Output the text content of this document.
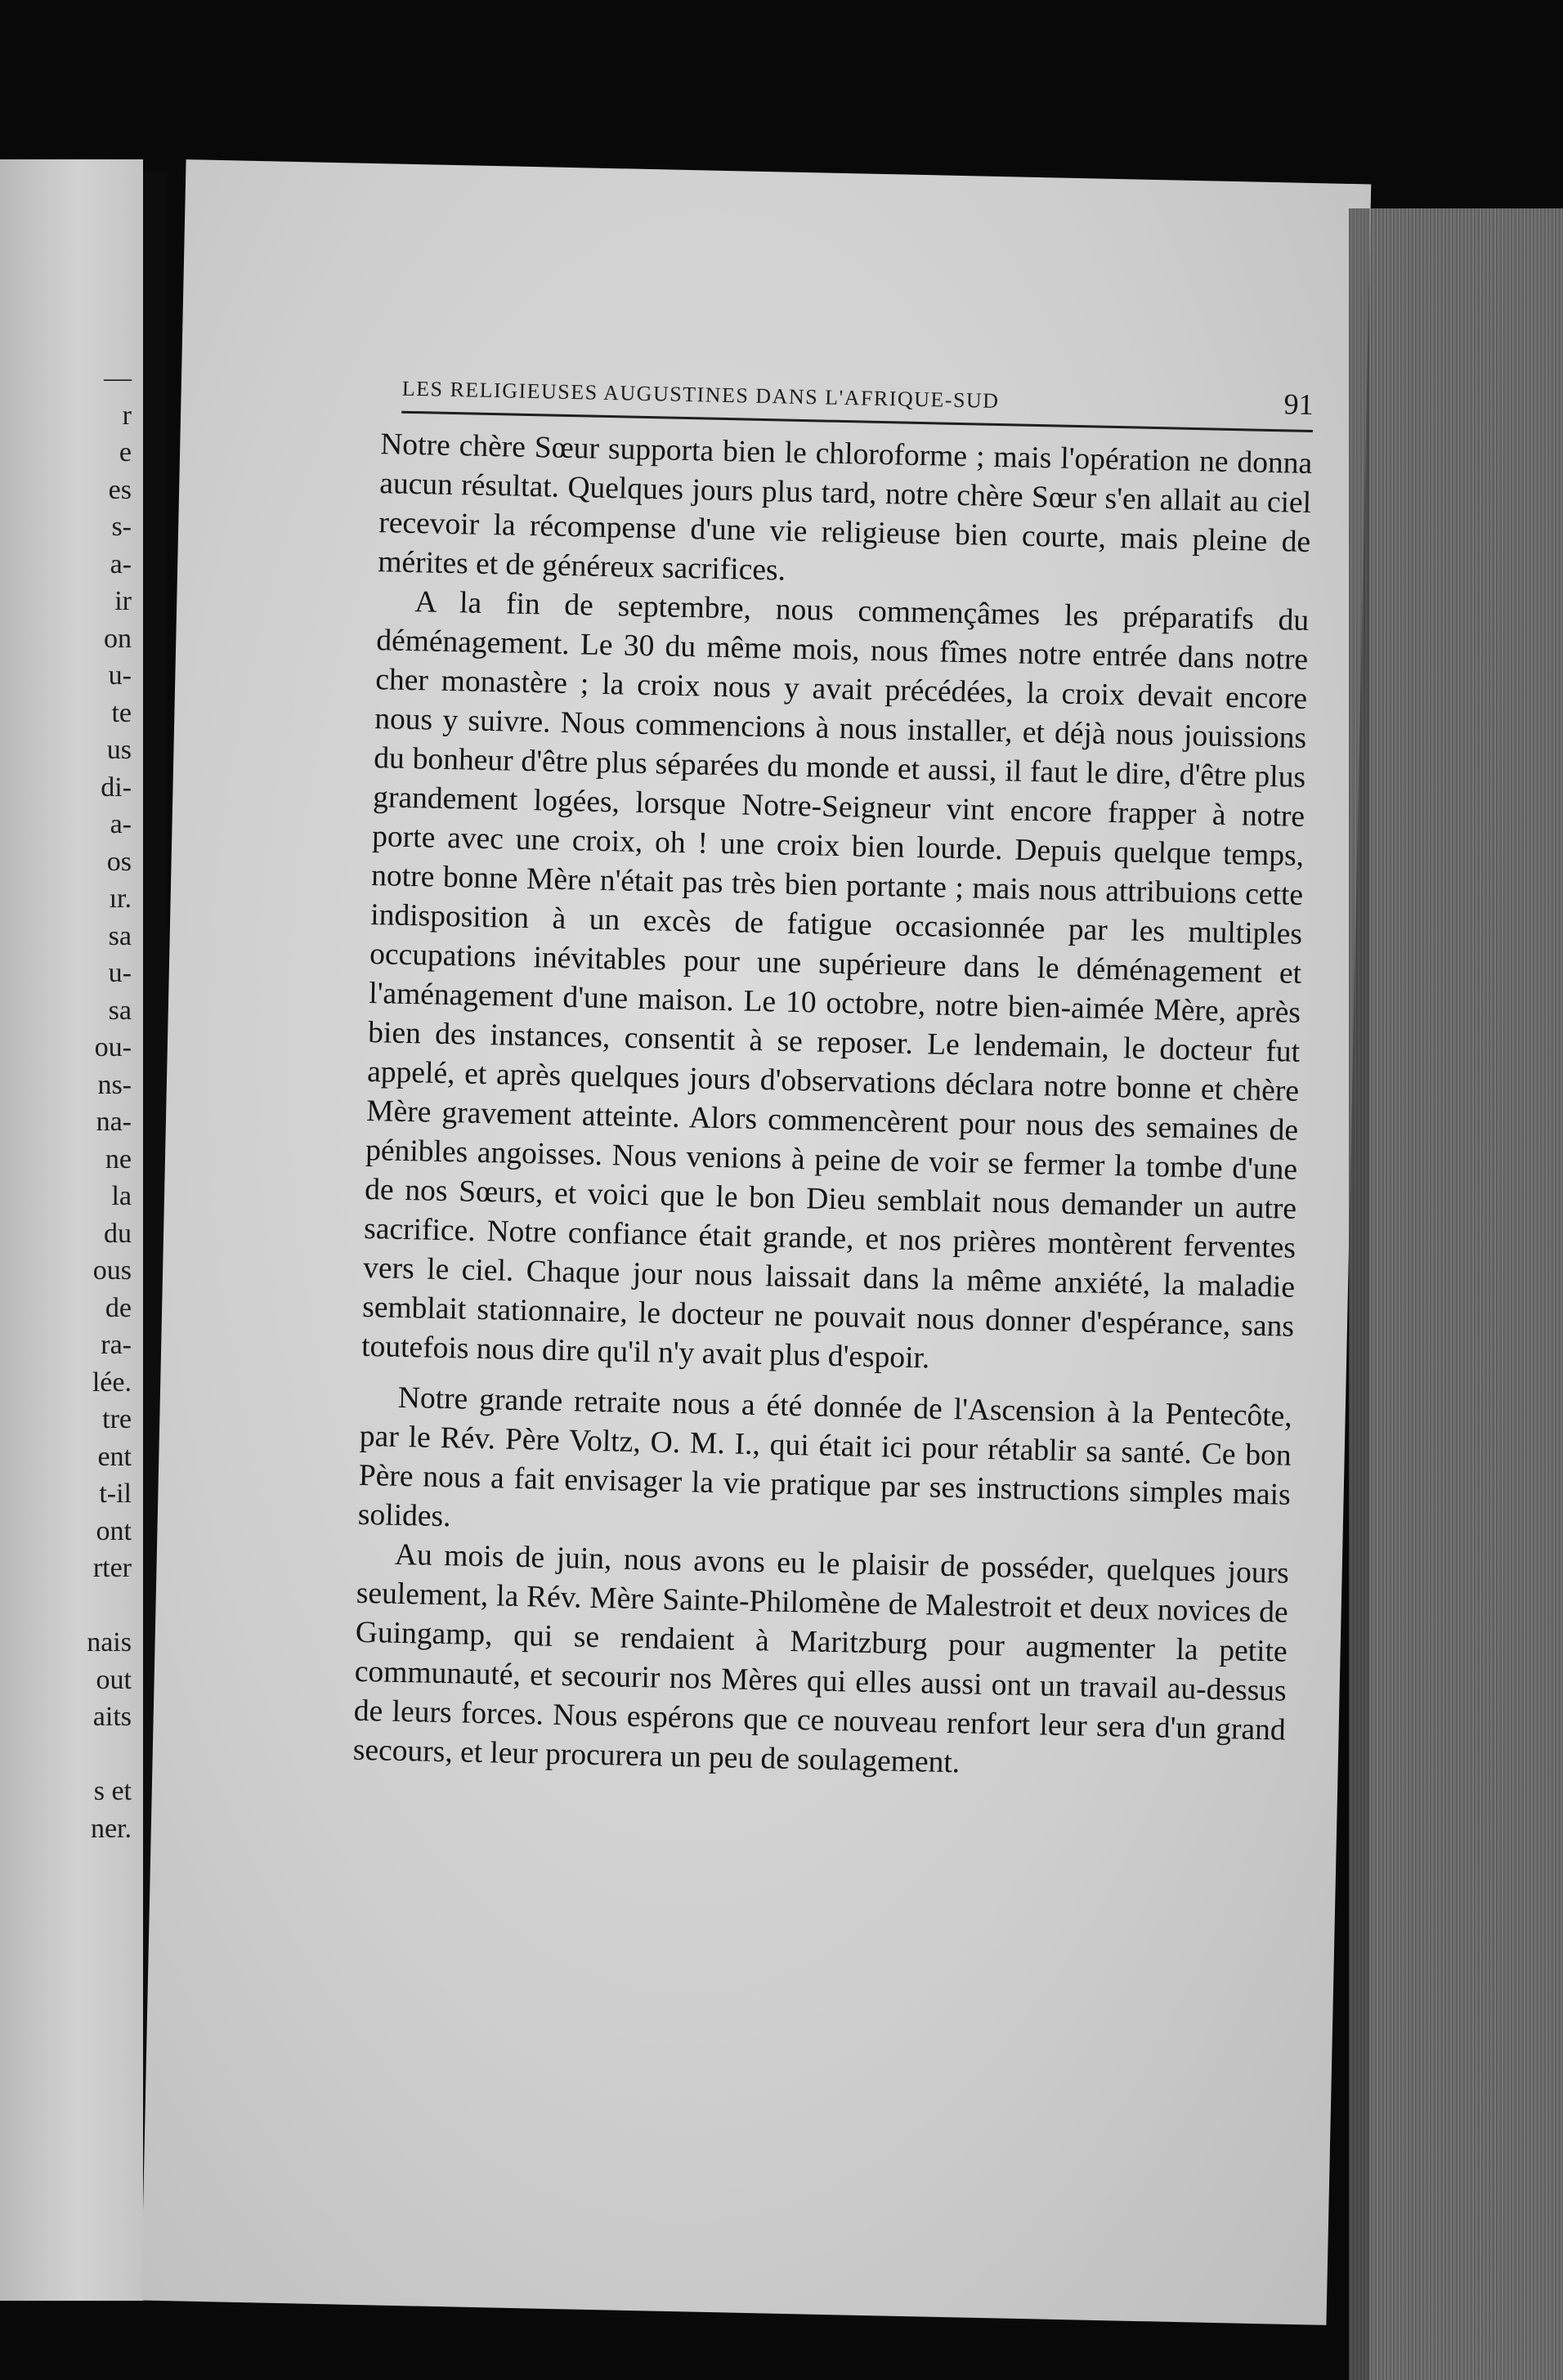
—
r
e
es
s-
a-
ir
on
u-
te
us
di-
a-
os
ır.
sa
u-
sa
ou-
ns-
na-
ne
la
du
ous
de
ra-
lée.
tre
ent
t-il
ont
rter
nais
out
aits
s et
ner.
LES RELIGIEUSES AUGUSTINES DANS L'AFRIQUE-SUD	91

Notre chère Sœur supporta bien le chloroforme ; mais l'opération ne donna aucun résultat. Quelques jours plus tard, notre chère Sœur s'en allait au ciel recevoir la récompense d'une vie religieuse bien courte, mais pleine de mérites et de généreux sacrifices.

A la fin de septembre, nous commençâmes les préparatifs du déménagement. Le 30 du même mois, nous fîmes notre entrée dans notre cher monastère ; la croix nous y avait précédées, la croix devait encore nous y suivre. Nous commencions à nous installer, et déjà nous jouissions du bonheur d'être plus séparées du monde et aussi, il faut le dire, d'être plus grandement logées, lorsque Notre-Seigneur vint encore frapper à notre porte avec une croix, oh ! une croix bien lourde. Depuis quelque temps, notre bonne Mère n'était pas très bien portante ; mais nous attribuions cette indisposition à un excès de fatigue occasionnée par les multiples occupations inévitables pour une supérieure dans le déménagement et l'aménagement d'une maison. Le 10 octobre, notre bien-aimée Mère, après bien des instances, consentit à se reposer. Le lendemain, le docteur fut appelé, et après quelques jours d'observations déclara notre bonne et chère Mère gravement atteinte. Alors commencèrent pour nous des semaines de pénibles angoisses. Nous venions à peine de voir se fermer la tombe d'une de nos Sœurs, et voici que le bon Dieu semblait nous demander un autre sacrifice. Notre confiance était grande, et nos prières montèrent ferventes vers le ciel. Chaque jour nous laissait dans la même anxiété, la maladie semblait stationnaire, le docteur ne pouvait nous donner d'espérance, sans toutefois nous dire qu'il n'y avait plus d'espoir.

Notre grande retraite nous a été donnée de l'Ascension à la Pentecôte, par le Rév. Père Voltz, O. M. I., qui était ici pour rétablir sa santé. Ce bon Père nous a fait envisager la vie pratique par ses instructions simples mais solides.

Au mois de juin, nous avons eu le plaisir de posséder, quelques jours seulement, la Rév. Mère Sainte-Philomène de Malestroit et deux novices de Guingamp, qui se rendaient à Maritzburg pour augmenter la petite communauté, et secourir nos Mères qui elles aussi ont un travail au-dessus de leurs forces. Nous espérons que ce nouveau renfort leur sera d'un grand secours, et leur procurera un peu de soulagement.
